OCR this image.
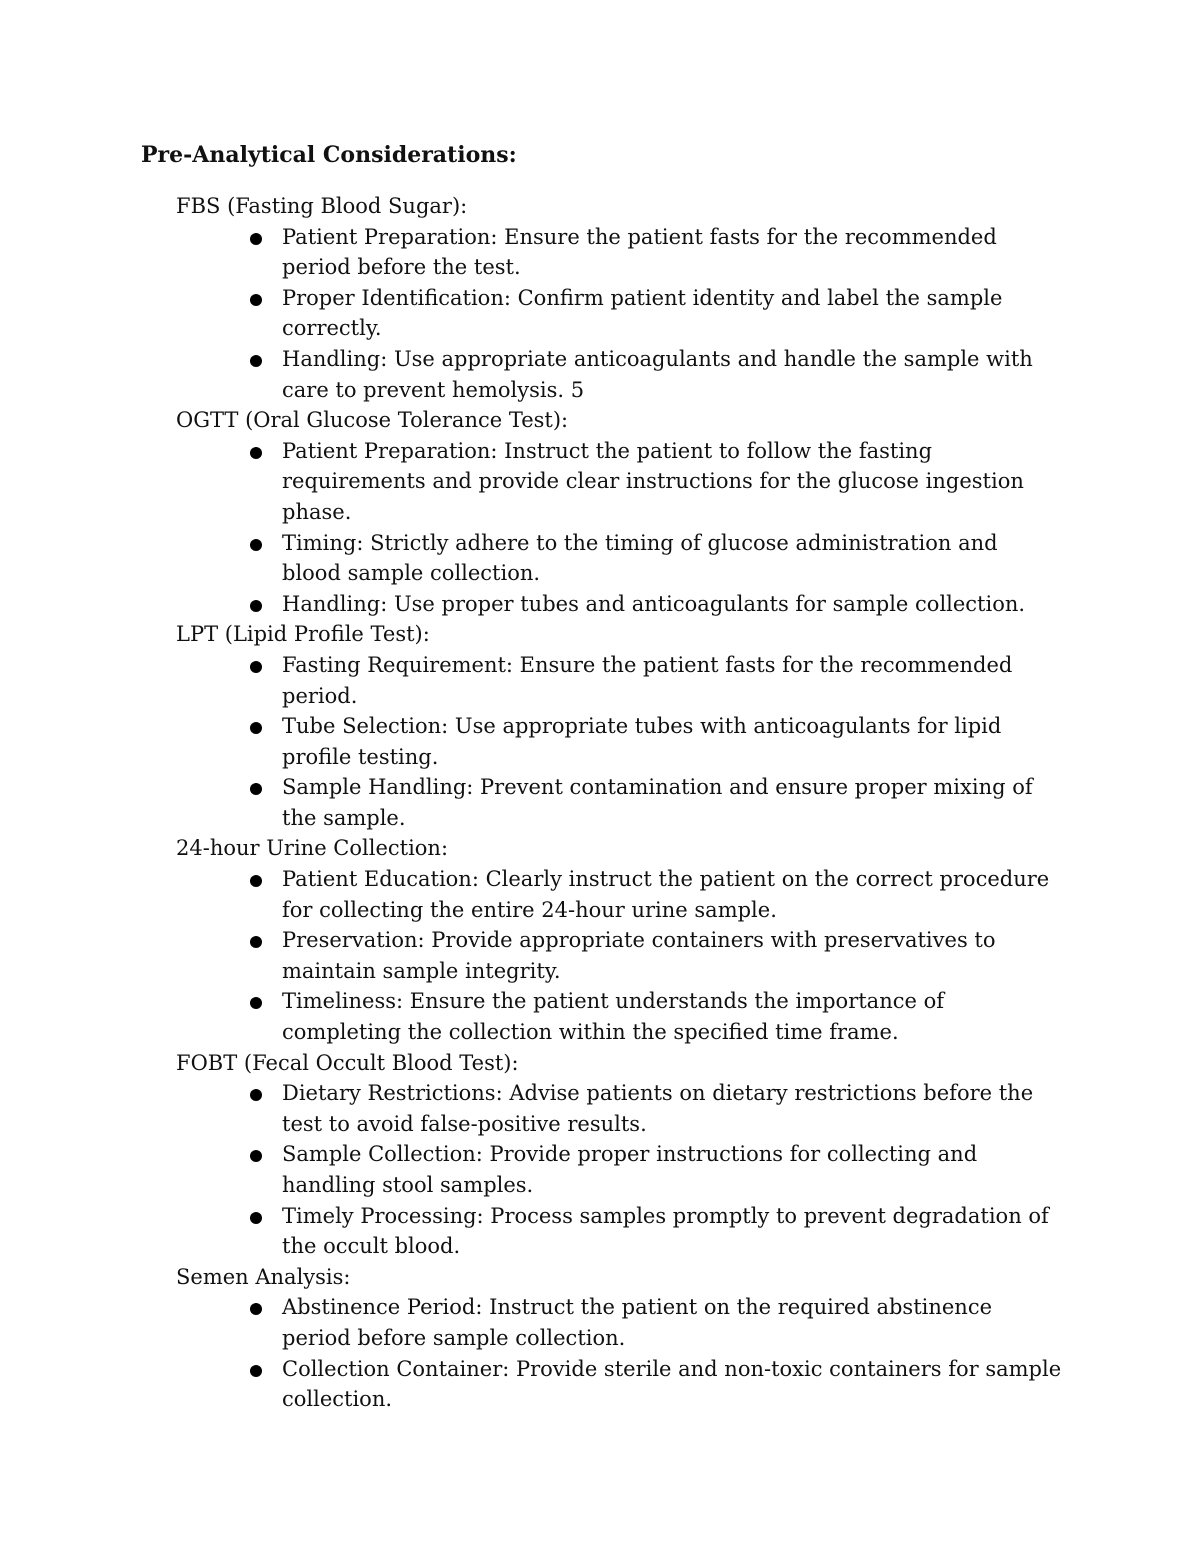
Pre-Analytical Considerations:
FBS (Fasting Blood Sugar):
Patient Preparation: Ensure the patient fasts for the recommended period before the test.
Proper Identification: Confirm patient identity and label the sample correctly.
Handling: Use appropriate anticoagulants and handle the sample with care to prevent hemolysis. 5
OGTT (Oral Glucose Tolerance Test):
Patient Preparation: Instruct the patient to follow the fasting requirements and provide clear instructions for the glucose ingestion phase.
Timing: Strictly adhere to the timing of glucose administration and blood sample collection.
Handling: Use proper tubes and anticoagulants for sample collection.
LPT (Lipid Profile Test):
Fasting Requirement: Ensure the patient fasts for the recommended period.
Tube Selection: Use appropriate tubes with anticoagulants for lipid profile testing.
Sample Handling: Prevent contamination and ensure proper mixing of the sample.
24-hour Urine Collection:
Patient Education: Clearly instruct the patient on the correct procedure for collecting the entire 24-hour urine sample.
Preservation: Provide appropriate containers with preservatives to maintain sample integrity.
Timeliness: Ensure the patient understands the importance of completing the collection within the specified time frame.
FOBT (Fecal Occult Blood Test):
Dietary Restrictions: Advise patients on dietary restrictions before the test to avoid false-positive results.
Sample Collection: Provide proper instructions for collecting and handling stool samples.
Timely Processing: Process samples promptly to prevent degradation of the occult blood.
Semen Analysis:
Abstinence Period: Instruct the patient on the required abstinence period before sample collection.
Collection Container: Provide sterile and non-toxic containers for sample collection.
